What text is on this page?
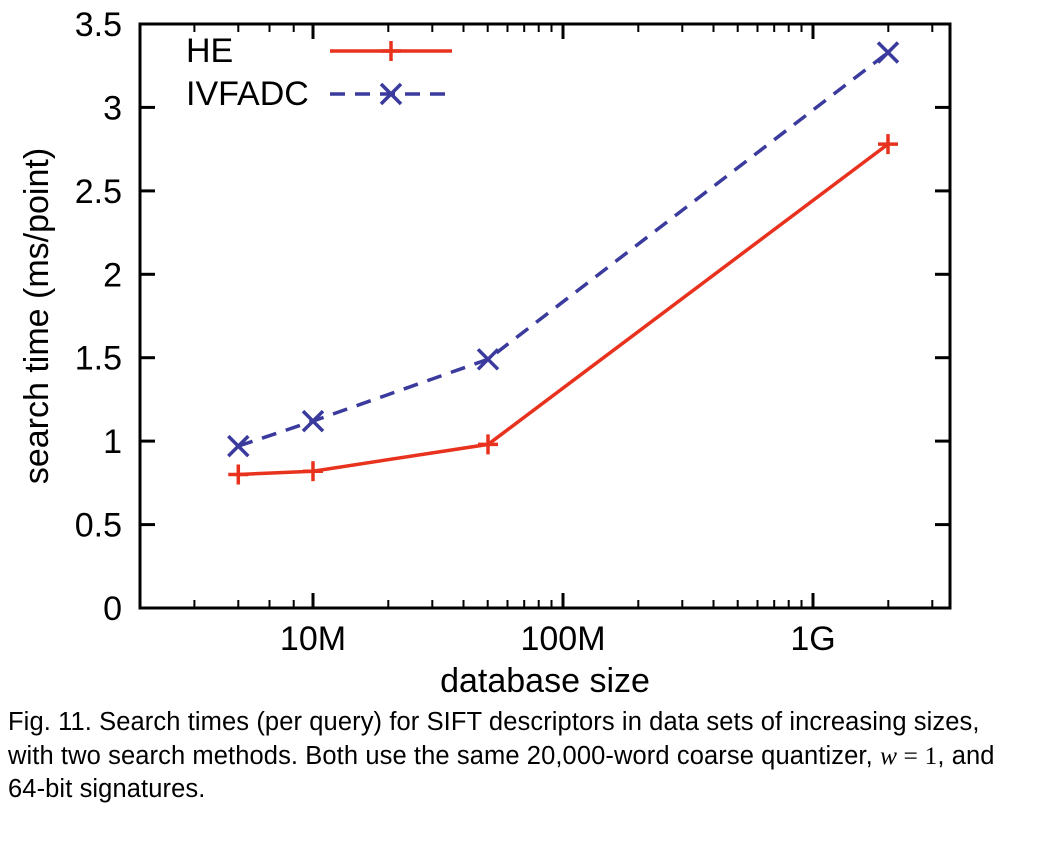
0
0.5
1
1.5
2
2.5
3
3.5
10M	100M	1G
database size
search time (ms/point)
HE
IVFADC
Fig. 11. Search times (per query) for SIFT descriptors in data sets of increasing sizes, with two search methods. Both use the same 20,000-word coarse quantizer, w = 1, and 64-bit signatures.
